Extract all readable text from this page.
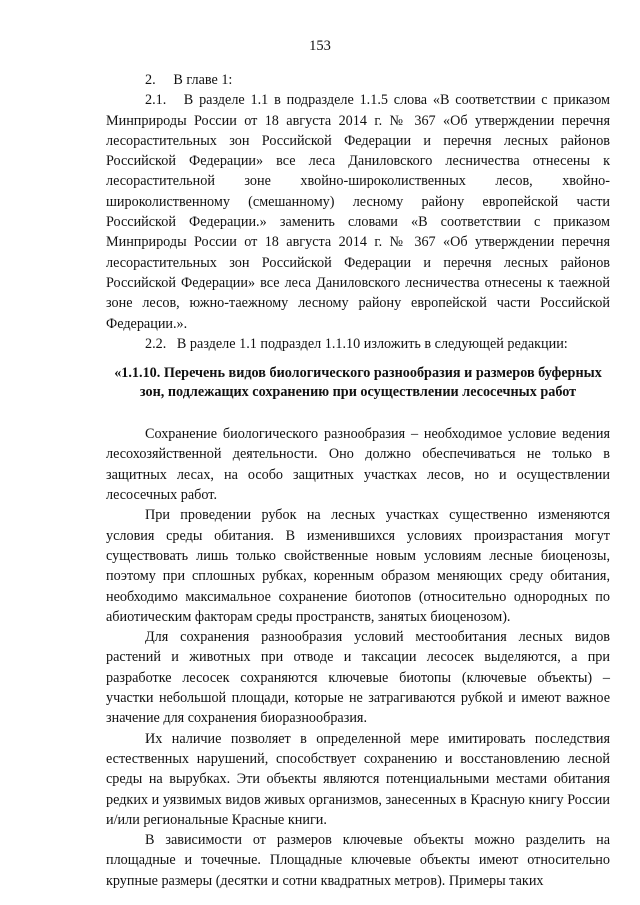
153

2.     В главе 1:

2.1.   В разделе 1.1 в подразделе 1.1.5 слова «В соответствии с приказом Минприроды России от 18 августа 2014 г. № 367 «Об утверждении перечня лесорастительных зон Российской Федерации и перечня лесных районов Российской Федерации» все леса Даниловского лесничества отнесены к лесорастительной зоне хвойно-широколиственных лесов, хвойно-широколиственному (смешанному) лесному району европейской части Российской Федерации.» заменить словами «В соответствии с приказом Минприроды России от 18 августа 2014 г. № 367 «Об утверждении перечня лесорастительных зон Российской Федерации и перечня лесных районов Российской Федерации» все леса Даниловского лесничества отнесены к таежной зоне лесов, южно-таежному лесному району европейской части Российской Федерации.».

2.2.   В разделе 1.1 подраздел 1.1.10 изложить в следующей редакции:

«1.1.10. Перечень видов биологического разнообразия и размеров буферных зон, подлежащих сохранению при осуществлении лесосечных работ

Сохранение биологического разнообразия – необходимое условие ведения лесохозяйственной деятельности. Оно должно обеспечиваться не только в защитных лесах, на особо защитных участках лесов, но и осуществлении лесосечных работ.

При проведении рубок на лесных участках существенно изменяются условия среды обитания. В изменившихся условиях произрастания могут существовать лишь только свойственные новым условиям лесные биоценозы, поэтому при сплошных рубках, коренным образом меняющих среду обитания, необходимо максимальное сохранение биотопов (относительно однородных по абиотическим факторам среды пространств, занятых биоценозом).

Для сохранения разнообразия условий местообитания лесных видов растений и животных при отводе и таксации лесосек выделяются, а при разработке лесосек сохраняются ключевые биотопы (ключевые объекты) – участки небольшой площади, которые не затрагиваются рубкой и имеют важное значение для сохранения биоразнообразия.

Их наличие позволяет в определенной мере имитировать последствия естественных нарушений, способствует сохранению и восстановлению лесной среды на вырубках. Эти объекты являются потенциальными местами обитания редких и уязвимых видов живых организмов, занесенных в Красную книгу России и/или региональные Красные книги.

В зависимости от размеров ключевые объекты можно разделить на площадные и точечные. Площадные ключевые объекты имеют относительно крупные размеры (десятки и сотни квадратных метров). Примеры таких
